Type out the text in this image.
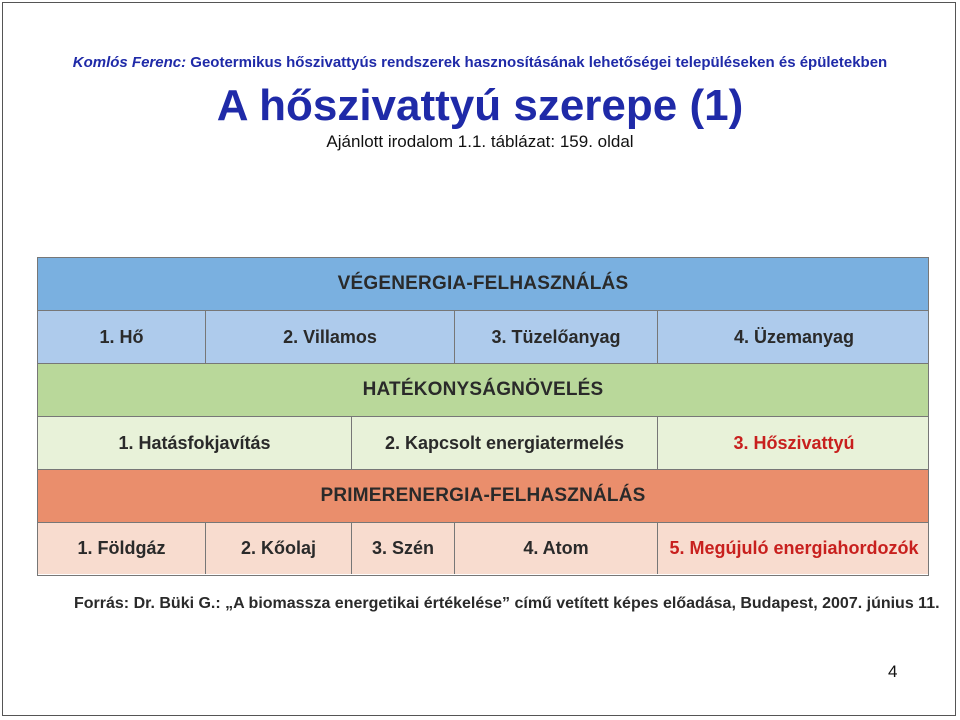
Komlós Ferenc: Geotermikus hőszivattyús rendszerek hasznosításának lehetőségei településeken és épületekben
A hőszivattyú szerepe (1)
Ajánlott irodalom 1.1. táblázat: 159. oldal
VÉGENERGIA-FELHASZNÁLÁS
1. Hő	2. Villamos	3. Tüzelőanyag	4. Üzemanyag
HATÉKONYSÁGNÖVELÉS
1. Hatásfokjavítás	2. Kapcsolt energiatermelés	3. Hőszivattyú
PRIMERENERGIA-FELHASZNÁLÁS
1. Földgáz	2. Kőolaj	3. Szén	4. Atom	5. Megújuló energiahordozók
Forrás: Dr. Büki G.: „A biomassza energetikai értékelése” című vetített képes előadása, Budapest, 2007. június 11.
4
